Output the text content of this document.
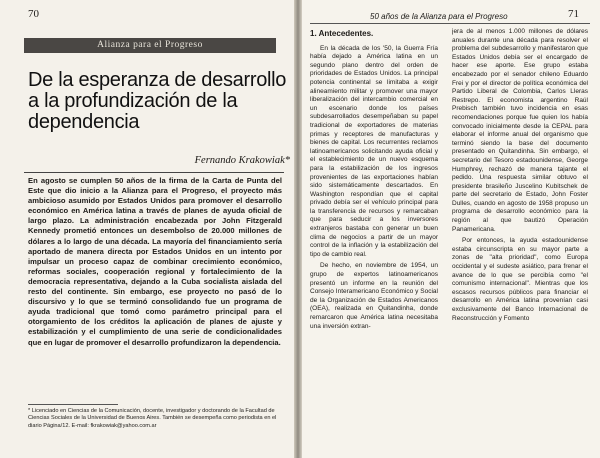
70
Alianza para el Progreso
De la esperanza de desarrollo a la profundización de la dependencia
Fernando Krakowiak*
En agosto se cumplen 50 años de la firma de la Carta de Punta del Este que dio inicio a la Alianza para el Progreso, el proyecto más ambicioso asumido por Estados Unidos para promover el desarrollo económico en América latina a través de planes de ayuda oficial de largo plazo. La administración encabezada por John Fitzgerald Kennedy prometió entonces un desembolso de 20.000 millones de dólares a lo largo de una década. La mayoría del financiamiento sería aportado de manera directa por Estados Unidos en un intento por impulsar un proceso capaz de combinar crecimiento económico, reformas sociales, cooperación regional y fortalecimiento de la democracia representativa, dejando a la Cuba socialista aislada del resto del continente. Sin embargo, ese proyecto no pasó de lo discursivo y lo que se terminó consolidando fue un programa de ayuda tradicional que tomó como parámetro principal para el otorgamiento de los créditos la aplicación de planes de ajuste y estabilización y el cumplimiento de una serie de condicionalidades que en lugar de promover el desarrollo profundizaron la dependencia.
* Licenciado en Ciencias de la Comunicación, docente, investigador y doctorando de la Facultad de Ciencias Sociales de la Universidad de Buenos Aires. También se desempeña como periodista en el diario Página/12. E-mail: fkrakowiak@yahoo.com.ar
50 años de la Alianza para el Progreso	71
1. Antecedentes.

En la década de los '50, la Guerra Fría había dejado a América latina en un segundo plano dentro del orden de prioridades de Estados Unidos. La principal potencia continental se limitaba a exigir alineamiento militar y promover una mayor liberalización del intercambio comercial en un escenario donde los países subdesarrollados desempeñaban su papel tradicional de exportadores de materias primas y receptores de manufacturas y bienes de capital. Los recurrentes reclamos latinoamericanos solicitando ayuda oficial y el establecimiento de un nuevo esquema para la estabilización de los ingresos provenientes de las exportaciones habían sido sistemáticamente descartados. En Washington respondían que el capital privado debía ser el vehículo principal para la transferencia de recursos y remarcaban que para seducir a los inversores extranjeros bastaba con generar un buen clima de negocios a partir de un mayor control de la inflación y la estabilización del tipo de cambio real.

De hecho, en noviembre de 1954, un grupo de expertos latinoamericanos presentó un informe en la reunión del Consejo Interamericano Económico y Social de la Organización de Estados Americanos (OEA), realizada en Quitandinha, donde remarcaron que América latina necesitaba una inversión extran-

jera de al menos 1.000 millones de dólares anuales durante una década para resolver el problema del subdesarrollo y manifestaron que Estados Unidos debía ser el encargado de hacer ese aporte. Ese grupo estaba encabezado por el senador chileno Eduardo Frei y por el director de política económica del Partido Liberal de Colombia, Carlos Lleras Restrepo. El economista argentino Raúl Prebisch también tuvo incidencia en esas recomendaciones porque fue quien los había convocado inicialmente desde la CEPAL para elaborar el informe anual del organismo que terminó siendo la base del documento presentado en Quitandinha. Sin embargo, el secretario del Tesoro estadounidense, George Humphrey, rechazó de manera tajante el pedido. Una respuesta similar obtuvo el presidente brasileño Juscelino Kubitschek de parte del secretario de Estado, John Foster Dulles, cuando en agosto de 1958 propuso un programa de desarrollo económico para la región al que bautizó Operación Panamericana.

Por entonces, la ayuda estadounidense estaba circunscripta en su mayor parte a zonas de "alta prioridad", como Europa occidental y el sudeste asiático, para frenar el avance de lo que se percibía como "el comunismo internacional". Mientras que los escasos recursos públicos para financiar el desarrollo en América latina provenían casi exclusivamente del Banco Internacional de Reconstrucción y Fomento
